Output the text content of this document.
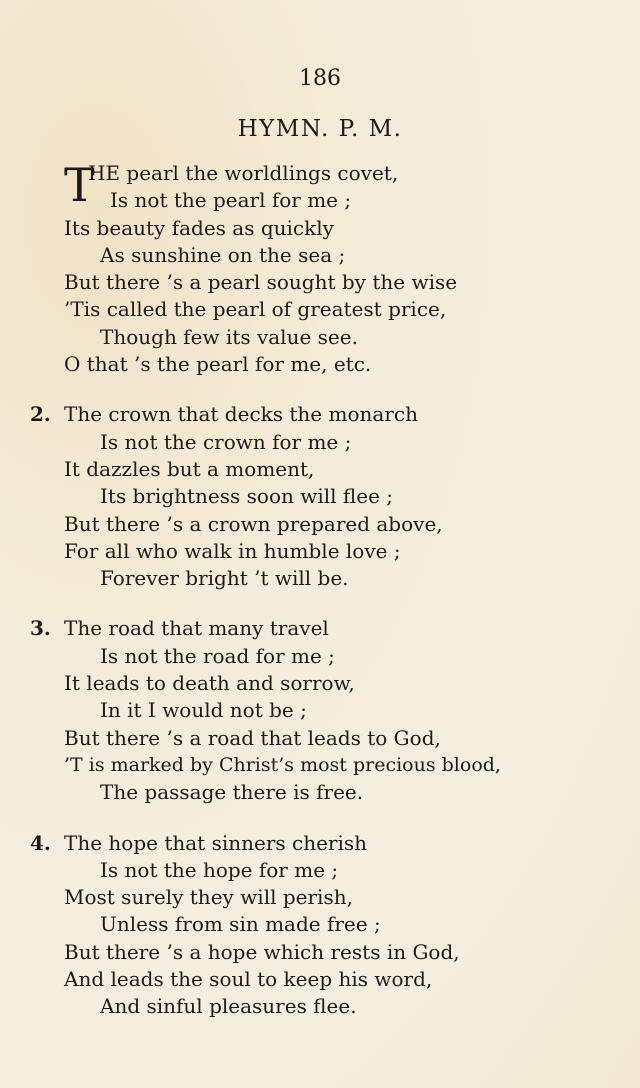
186
HYMN. P. M.
T
HE pearl the worldlings covet,
Is not the pearl for me ;
Its beauty fades as quickly
As sunshine on the sea ;
But there ’s a pearl sought by the wise
’Tis called the pearl of greatest price,
Though few its value see.
O that ’s the pearl for me, etc.
2. The crown that decks the monarch
Is not the crown for me ;
It dazzles but a moment,
Its brightness soon will flee ;
But there ’s a crown prepared above,
For all who walk in humble love ;
Forever bright ’t will be.
3. The road that many travel
Is not the road for me ;
It leads to death and sorrow,
In it I would not be ;
But there ’s a road that leads to God,
’T is marked by Christ’s most precious blood,
The passage there is free.
4. The hope that sinners cherish
Is not the hope for me ;
Most surely they will perish,
Unless from sin made free ;
But there ’s a hope which rests in God,
And leads the soul to keep his word,
And sinful pleasures flee.
